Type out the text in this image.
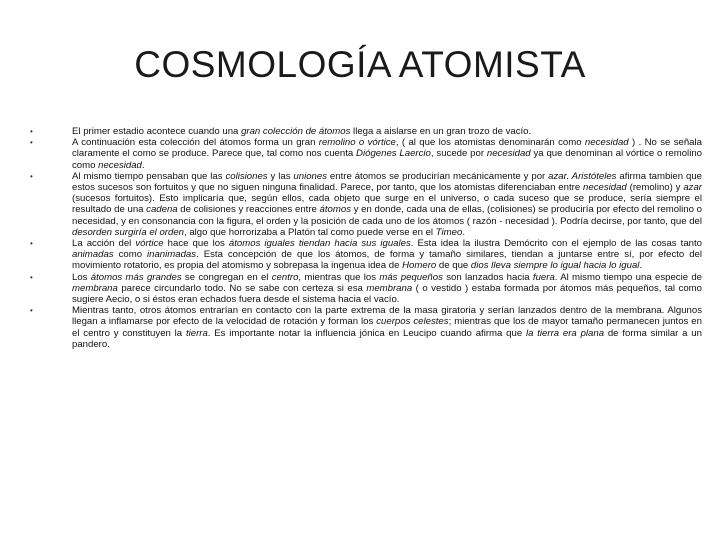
COSMOLOGÍA ATOMISTA
•	El primer estadio acontece cuando una gran colección de átomos llega a aislarse en un gran trozo de vacío.
•	A continuación esta colección del átomos forma un gran remolino o vórtice, ( al que los atomistas denominarán como necesidad ) . No se señala claramente el como se produce. Parece que, tal como nos cuenta Diógenes Laercio, sucede por necesidad ya que denominan al vórtice o remolino como necesidad.
•	Al mismo tiempo pensaban que las colisiones y las uniones entre átomos se producirían mecánicamente y por azar. Aristóteles afirma tambien que estos sucesos son fortuitos y que no siguen ninguna finalidad. Parece, por tanto, que los atomistas diferenciaban entre necesidad (remolino) y azar (sucesos fortuitos). Esto implicaría que, según ellos, cada objeto que surge en el universo, o cada suceso que se produce, sería siempre el resultado de una cadena de colisiones y reacciones entre átomos y en donde, cada una de ellas, (colisiones) se produciría por efecto del remolino o necesidad, y en consonancia con la figura, el orden y la posición de cada uno de los átomos ( razón - necesidad ). Podría decirse, por tanto, que del desorden surgiría el orden, algo que horrorizaba a Platón tal como puede verse en el Timeo.
•	La acción del vórtice hace que los átomos iguales tiendan hacia sus iguales. Esta idea la ilustra Demócrito con el ejemplo de las cosas tanto animadas como inanimadas. Esta concepción de que los átomos, de forma y tamaño similares, tiendan a juntarse entre sí, por efecto del movimiento rotatorio, es propia del atomismo y sobrepasa la ingenua idea de Homero de que dios lleva siempre lo igual hacia lo igual.
•	Los átomos más grandes se congregan en el centro, mientras que los más pequeños son lanzados hacia fuera. Al mismo tiempo una especie de membrana parece circundarlo todo. No se sabe con certeza si esa membrana ( o vestido ) estaba formada por átomos más pequeños, tal como sugiere Aecio, o si éstos eran echados fuera desde el sistema hacia el vacío.
•	Mientras tanto, otros átomos entrarían en contacto con la parte extrema de la masa giratoria y serían lanzados dentro de la membrana. Algunos llegan a inflamarse por efecto de la velocidad de rotación y forman los cuerpos celestes; mientras que los de mayor tamaño permanecen juntos en el centro y constituyen la tierra. Es importante notar la influencia jónica en Leucipo cuando afirma que la tierra era plana de forma similar a un pandero.
